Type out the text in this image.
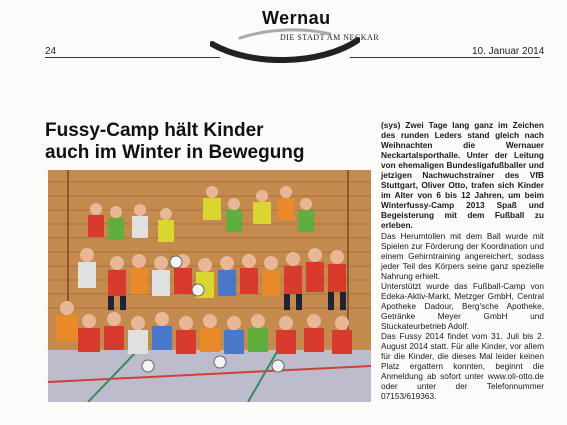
Wernau
DIE STADT AM NECKAR
24	10. Januar 2014
Fussy-Camp hält Kinder
auch im Winter in Bewegung

(sys) Zwei Tage lang ganz im Zeichen des runden Leders stand gleich nach Weihnachten die Wernauer Neckartalsporthalle. Unter der Leitung von ehemaligen Bundesligafußballer und jetzigen Nachwuchstrainer des VfB Stuttgart, Oliver Otto, trafen sich Kinder im Alter von 6 bis 12 Jahren, um beim Winterfussy-Camp 2013 Spaß und Begeisterung mit dem Fußball zu erleben.

Das Herumtollen mit dem Ball wurde mit Spielen zur Förderung der Koordination und einem Gehirntraining angereichert, sodass jeder Teil des Körpers seine ganz spezielle Nahrung erhielt.

Unterstützt wurde das Fußball-Camp von Edeka-Aktiv-Markt, Metzger GmbH, Central Apotheke Dadour, Berg'sche Apotheke, Getränke Meyer GmbH und Stuckateurbetrieb Adolf.

Das Fussy 2014 findet vom 31. Juli bis 2. August 2014 statt. Für alle Kinder, vor allem für die Kinder, die dieses Mal leider keinen Platz ergattern konnten, beginnt die Anmeldung ab sofort unter www.oli-otto.de oder unter der Telefonnummer 07153/619363.
